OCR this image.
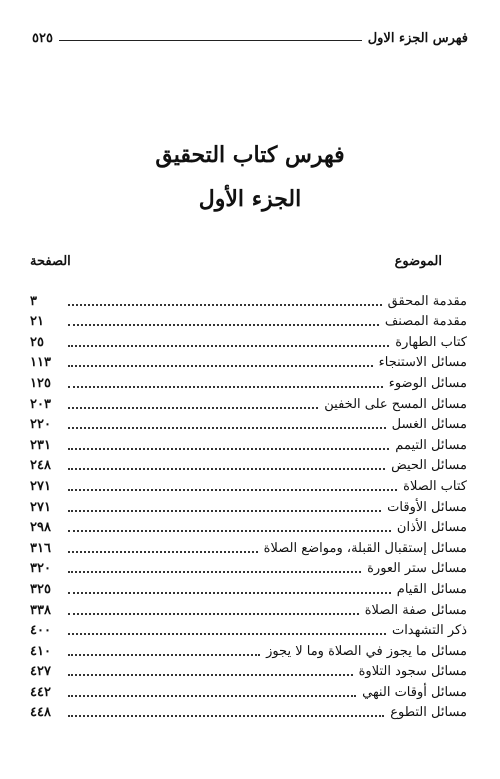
فهرس الجزء الاول
٥٢٥
فهرس كتاب التحقيق
الجزء الأول
الموضوع
الصفحة
مقدمة المحقق
٣
مقدمة المصنف
٢١
كتاب الطهارة
٢٥
مسائل الاستنجاء
١١٣
مسائل الوضوء
١٢٥
مسائل المسح على الخفين
٢٠٣
مسائل الغسل
٢٢٠
مسائل التيمم
٢٣١
مسائل الحيض
٢٤٨
كتاب الصلاة
٢٧١
مسائل الأوقات
٢٧١
مسائل الأذان
٢٩٨
مسائل إستقبال القبلة، ومواضع الصلاة
٣١٦
مسائل ستر العورة
٣٢٠
مسائل القيام
٣٢٥
مسائل صفة الصلاة
٣٣٨
ذكر التشهدات
٤٠٠
مسائل ما يجوز في الصلاة وما لا يجوز
٤١٠
مسائل سجود التلاوة
٤٢٧
مسائل أوقات النهي
٤٤٢
مسائل التطوع
٤٤٨
